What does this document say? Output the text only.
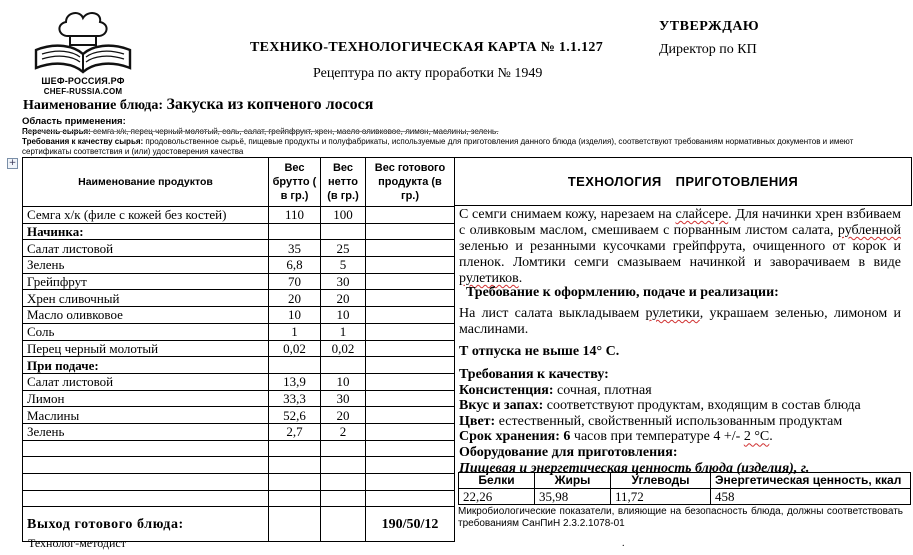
ШЕФ-РОССИЯ.РФ
CHEF-RUSSIA.COM
ТЕХНИКО-ТЕХНОЛОГИЧЕСКАЯ КАРТА № 1.1.127
Рецептура по акту проработки № 1949
УТВЕРЖДАЮ
Директор по КП
Наименование блюда: Закуска из копченого лосося
Область применения:
Перечень сырья: семга х/к, перец черный молотый, соль, салат, грейпфрукт, хрен, масло оливковое, лимон, маслины, зелень.
Требования к качеству сырья: продовольственное сырьё, пищевые продукты и полуфабрикаты, используемые для приготовления данного блюда (изделия), соответствуют требованиям нормативных документов и имеют сертификаты соответствия и (или) удостоверения качества
+
Наименование продуктов	Вес брутто ( в гр.)	Вес нетто (в гр.)	Вес готового продукта (в гр.)
Семга х/к (филе с кожей без костей)	110	100	
Начинка:			
Салат листовой	35	25	
Зелень	6,8	5	
Грейпфрут	70	30	
Хрен сливочный	20	20	
Масло оливковое	10	10	
Соль	1	1	
Перец черный молотый	0,02	0,02	
При подаче:			
Салат листовой	13,9	10	
Лимон	33,3	30	
Маслины	52,6	20	
Зелень	2,7	2	

Выход готового блюда:			190/50/12
ТЕХНОЛОГИЯ ПРИГОТОВЛЕНИЯ
С семги снимаем кожу, нарезаем на слайсере. Для начинки хрен взбиваем с оливковым маслом, смешиваем с порванным листом салата, рубленной зеленью и резанными кусочками грейпфрута, очищенного от корок и пленок. Ломтики семги смазываем начинкой и заворачиваем в виде рулетиков.
Требование к оформлению, подаче и реализации:
На лист салата выкладываем рулетики, украшаем зеленью, лимоном и маслинами.
Т отпуска не выше 14° С.
Требования к качеству:
Консистенция: сочная, плотная
Вкус и запах: соответствуют продуктам, входящим в состав блюда
Цвет: естественный, свойственный использованным продуктам
Срок хранения: 6 часов при температуре 4 +/- 2 °С.
Оборудование для приготовления:
Пищевая и энергетическая ценность блюда (изделия), г.
Белки	Жиры	Углеводы	Энергетическая ценность, ккал
22,26	35,98	11,72	458
Микробиологические показатели, влияющие на безопасность блюда, должны соответствовать требованиям СанПиН 2.3.2.1078-01
Технолог-методист	.
